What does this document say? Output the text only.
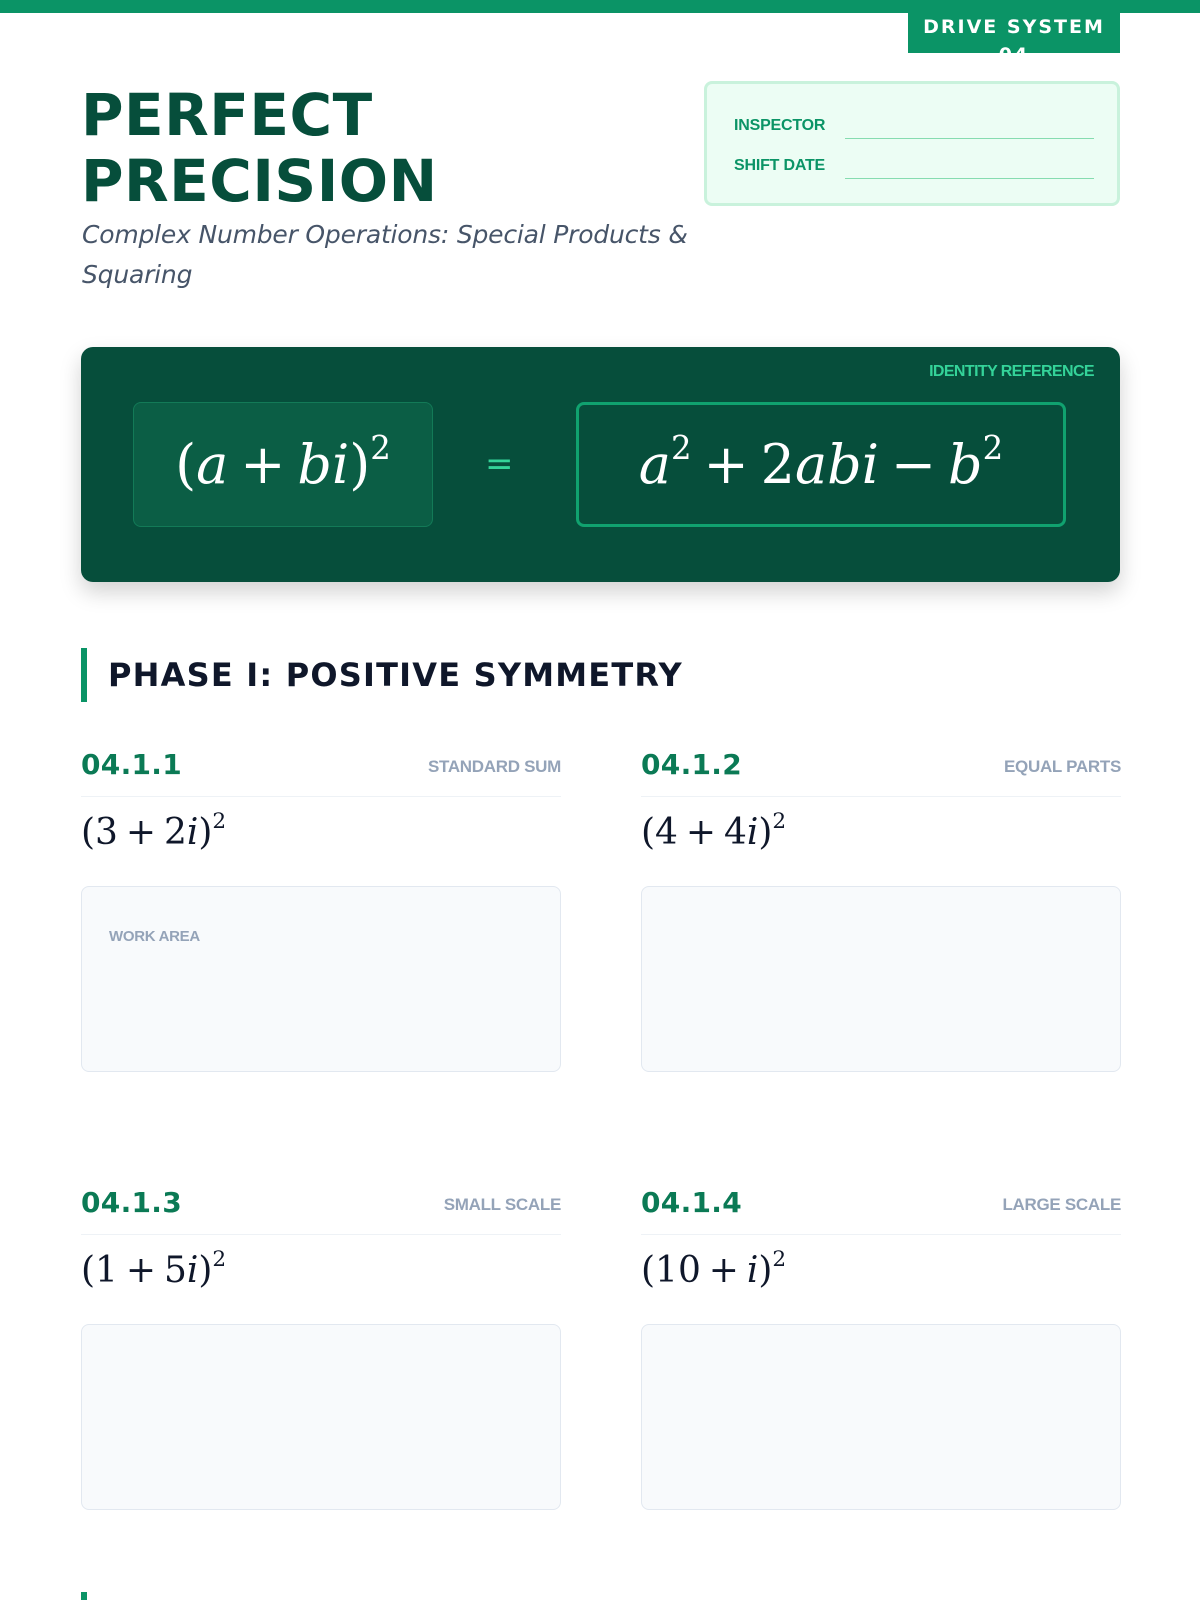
DRIVE SYSTEM 04
PERFECT
PRECISION
Complex Number Operations: Special Products & Squaring
INSPECTOR
SHIFT DATE
IDENTITY REFERENCE
(a + bi)$^2$	= $a^2 + 2abi - b^2$
PHASE I: POSITIVE SYMMETRY
04.1.1	STANDARD SUM
$(3 + 2i)^2$
WORK AREA
04.1.2	EQUAL PARTS
$(4 + 4i)^2$
04.1.3	SMALL SCALE
$(1 + 5i)^2$
04.1.4	LARGE SCALE
$(10 + i)^2$
